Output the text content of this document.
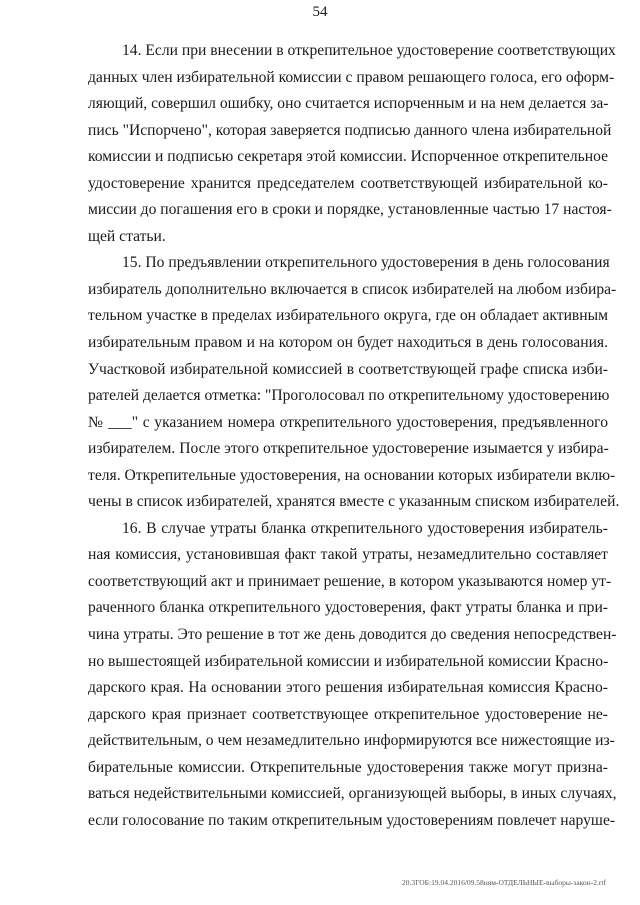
54
14. Если при внесении в открепительное удостоверение соответствующих
данных член избирательной комиссии с правом решающего голоса, его оформ-
ляющий, совершил ошибку, оно считается испорченным и на нем делается за-
пись "Испорчено", которая заверяется подписью данного члена избирательной
комиссии и подписью секретаря этой комиссии. Испорченное открепительное
удостоверение хранится председателем соответствующей избирательной ко-
миссии до погашения его в сроки и порядке, установленные частью 17 настоя-
щей статьи.
15. По предъявлении открепительного удостоверения в день голосования
избиратель дополнительно включается в список избирателей на любом избира-
тельном участке в пределах избирательного округа, где он обладает активным
избирательным правом и на котором он будет находиться в день голосования.
Участковой избирательной комиссией в соответствующей графе списка изби-
рателей делается отметка: "Проголосовал по открепительному удостоверению
№ ___" с указанием номера открепительного удостоверения, предъявленного
избирателем. После этого открепительное удостоверение изымается у избира-
теля. Открепительные удостоверения, на основании которых избиратели вклю-
чены в список избирателей, хранятся вместе с указанным списком избирателей.
16. В случае утраты бланка открепительного удостоверения избиратель-
ная комиссия, установившая факт такой утраты, незамедлительно составляет
соответствующий акт и принимает решение, в котором указываются номер ут-
раченного бланка открепительного удостоверения, факт утраты бланка и при-
чина утраты. Это решение в тот же день доводится до сведения непосредствен-
но вышестоящей избирательной комиссии и избирательной комиссии Красно-
дарского края. На основании этого решения избирательная комиссия Красно-
дарского края признает соответствующее открепительное удостоверение не-
действительным, о чем незамедлительно информируются все нижестоящие из-
бирательные комиссии. Открепительные удостоверения также могут призна-
ваться недействительными комиссией, организующей выборы, в иных случаях,
если голосование по таким открепительным удостоверениям повлечет наруше-
20.3ГОБ:19.04.2016/09.58ням-ОТДЕЛЬНЫЕ-выборы-закон-2.rtf
